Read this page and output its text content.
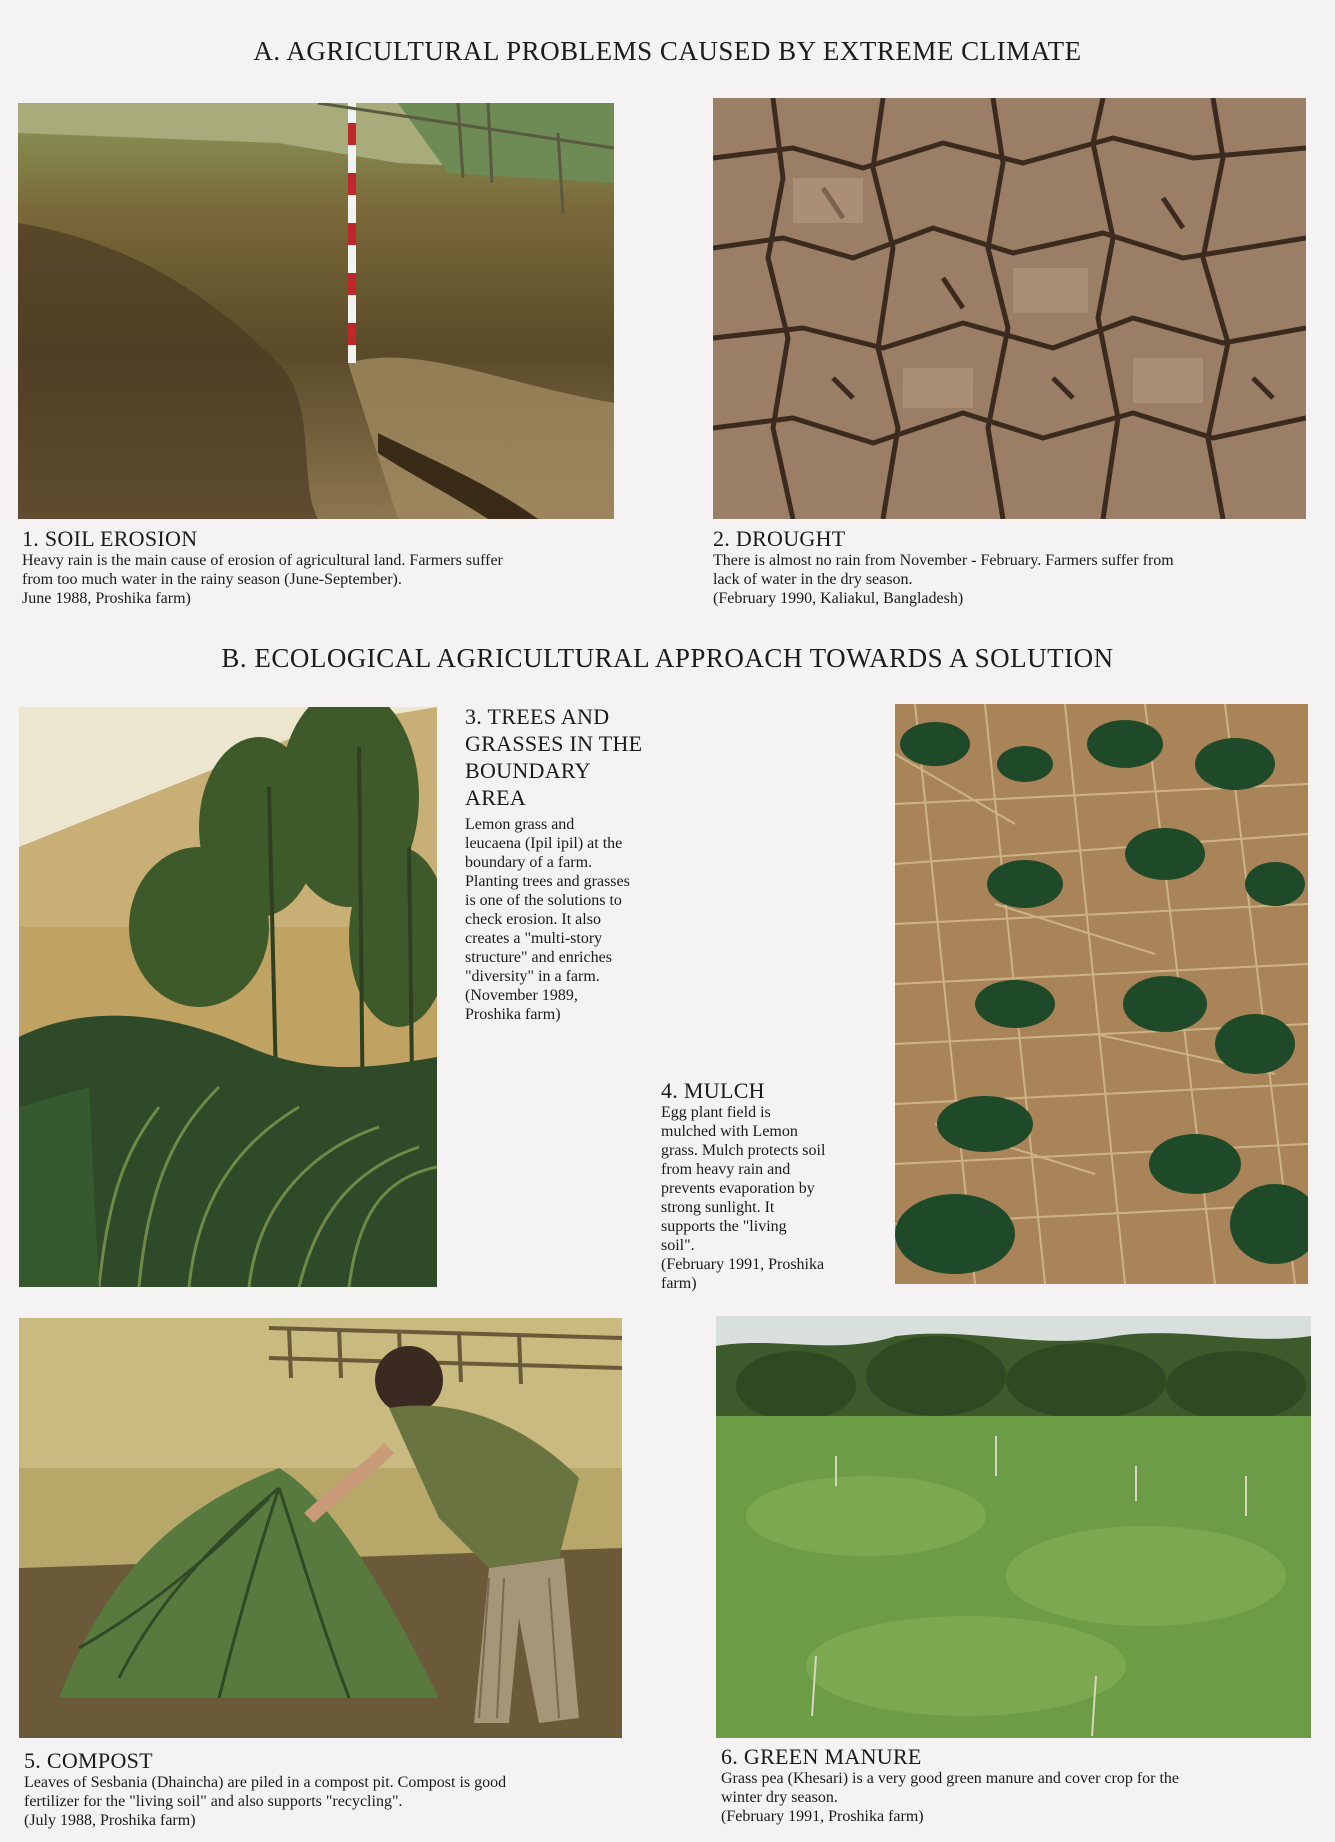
A. AGRICULTURAL PROBLEMS CAUSED BY EXTREME CLIMATE
1. SOIL EROSION
Heavy rain is the main cause of erosion of agricultural land. Farmers suffer
from too much water in the rainy season (June-September).
June 1988, Proshika farm)
2. DROUGHT
There is almost no rain from November - February. Farmers suffer from
lack of water in the dry season.
(February 1990, Kaliakul, Bangladesh)
B. ECOLOGICAL AGRICULTURAL APPROACH TOWARDS A SOLUTION
3. TREES AND
GRASSES IN THE
BOUNDARY
AREA
Lemon grass and
leucaena (Ipil ipil) at the
boundary of a farm.
Planting trees and grasses
is one of the solutions to
check erosion. It also
creates a "multi-story
structure" and enriches
"diversity" in a farm.
(November 1989,
Proshika farm)
4. MULCH
Egg plant field is
mulched with Lemon
grass. Mulch protects soil
from heavy rain and
prevents evaporation by
strong sunlight. It
supports the "living
soil".
(February 1991, Proshika
farm)
5. COMPOST
Leaves of Sesbania (Dhaincha) are piled in a compost pit. Compost is good
fertilizer for the "living soil" and also supports "recycling".
(July 1988, Proshika farm)
6. GREEN MANURE
Grass pea (Khesari) is a very good green manure and cover crop for the
winter dry season.
(February 1991, Proshika farm)
